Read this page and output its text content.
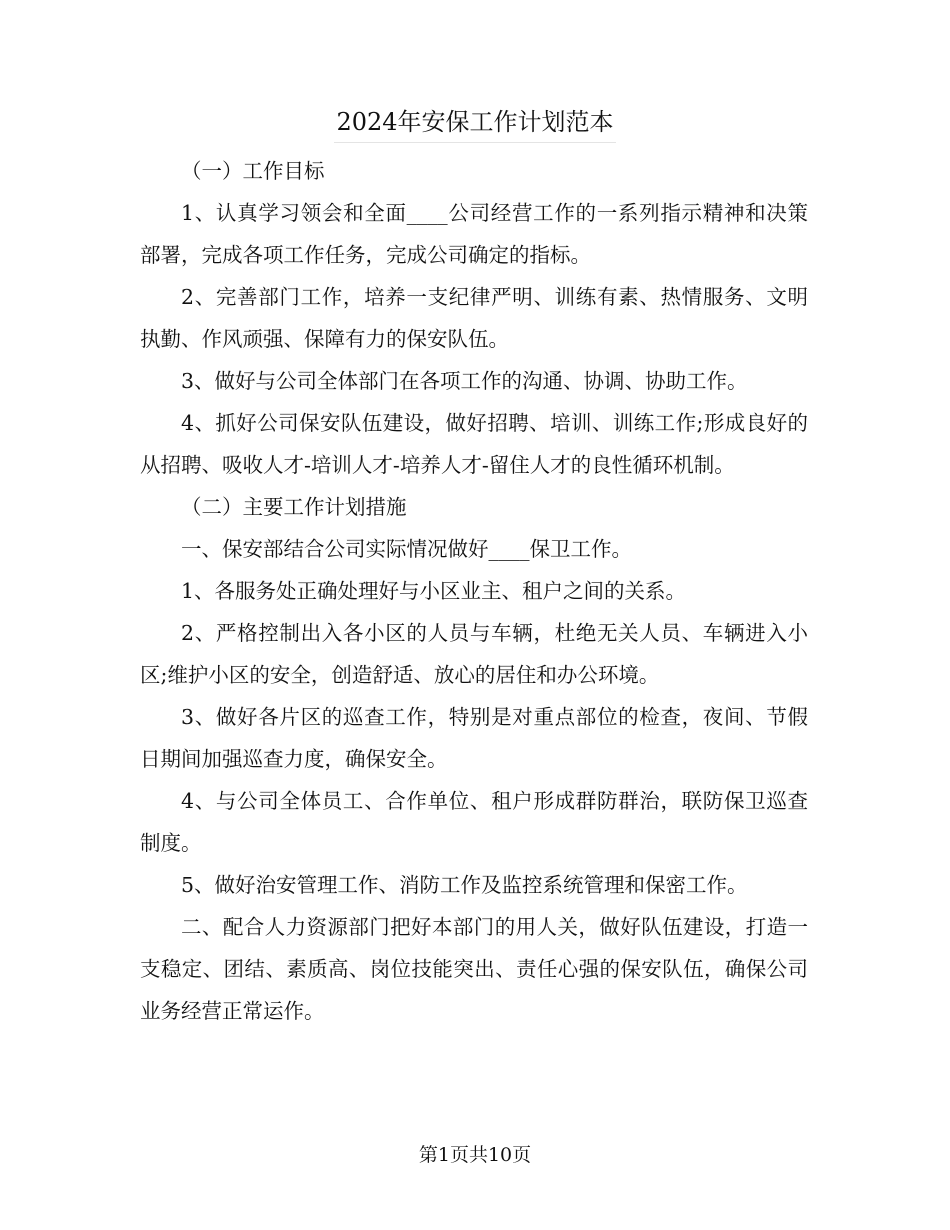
2024年安保工作计划范本

（一）工作目标

1、认真学习领会和全面____公司经营工作的一系列指示精神和决策部署，完成各项工作任务，完成公司确定的指标。

2、完善部门工作，培养一支纪律严明、训练有素、热情服务、文明执勤、作风顽强、保障有力的保安队伍。

3、做好与公司全体部门在各项工作的沟通、协调、协助工作。

4、抓好公司保安队伍建设，做好招聘、培训、训练工作;形成良好的从招聘、吸收人才-培训人才-培养人才-留住人才的良性循环机制。

（二）主要工作计划措施

一、保安部结合公司实际情况做好____保卫工作。

1、各服务处正确处理好与小区业主、租户之间的关系。

2、严格控制出入各小区的人员与车辆，杜绝无关人员、车辆进入小区;维护小区的安全，创造舒适、放心的居住和办公环境。

3、做好各片区的巡查工作，特别是对重点部位的检查，夜间、节假日期间加强巡查力度，确保安全。

4、与公司全体员工、合作单位、租户形成群防群治，联防保卫巡查制度。

5、做好治安管理工作、消防工作及监控系统管理和保密工作。

二、配合人力资源部门把好本部门的用人关，做好队伍建设，打造一支稳定、团结、素质高、岗位技能突出、责任心强的保安队伍，确保公司业务经营正常运作。

第1页共10页
